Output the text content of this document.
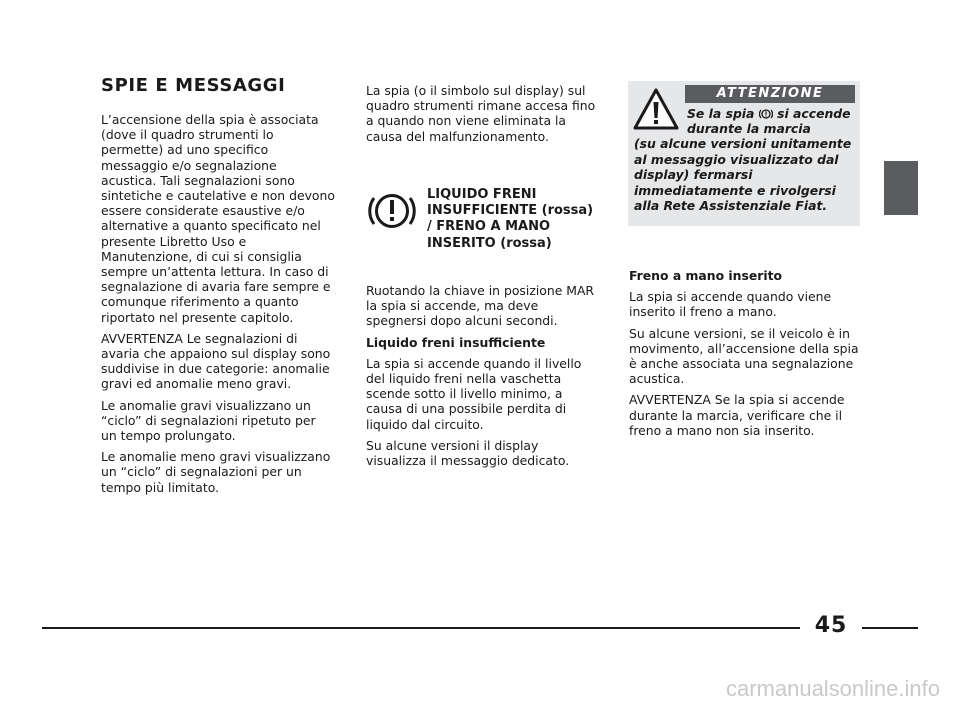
SPIE E MESSAGGI

L’accensione della spia è associata (dove il quadro strumenti lo permette) ad uno specifico messaggio e/o segnalazione acustica. Tali segnalazioni sono sintetiche e cautelative e non devono essere considerate esaustive e/o alternative a quanto specificato nel presente Libretto Uso e Manutenzione, di cui si consiglia sempre un’attenta lettura. In caso di segnalazione di avaria fare sempre e comunque riferimento a quanto riportato nel presente capitolo.

AVVERTENZA Le segnalazioni di avaria che appaiono sul display sono suddivise in due categorie: anomalie gravi ed anomalie meno gravi.

Le anomalie gravi visualizzano un “ciclo” di segnalazioni ripetuto per un tempo prolungato.

Le anomalie meno gravi visualizzano un “ciclo” di segnalazioni per un tempo più limitato.

La spia (o il simbolo sul display) sul quadro strumenti rimane accesa fino a quando non viene eliminata la causa del malfunzionamento.

LIQUIDO FRENI INSUFFICIENTE (rossa) / FRENO A MANO INSERITO (rossa)

Ruotando la chiave in posizione MAR la spia si accende, ma deve spegnersi dopo alcuni secondi.

Liquido freni insufficiente

La spia si accende quando il livello del liquido freni nella vaschetta scende sotto il livello minimo, a causa di una possibile perdita di liquido dal circuito.

Su alcune versioni il display visualizza il messaggio dedicato.

ATTENZIONE
Se la spia si accende durante la marcia
(su alcune versioni unitamente al messaggio visualizzato dal display) fermarsi immediatamente e rivolgersi alla Rete Assistenziale Fiat.
Freno a mano inserito

La spia si accende quando viene inserito il freno a mano.

Su alcune versioni, se il veicolo è in movimento, all’accensione della spia è anche associata una segnalazione acustica.

AVVERTENZA Se la spia si accende durante la marcia, verificare che il freno a mano non sia inserito.

45
carmanualsonline.info
